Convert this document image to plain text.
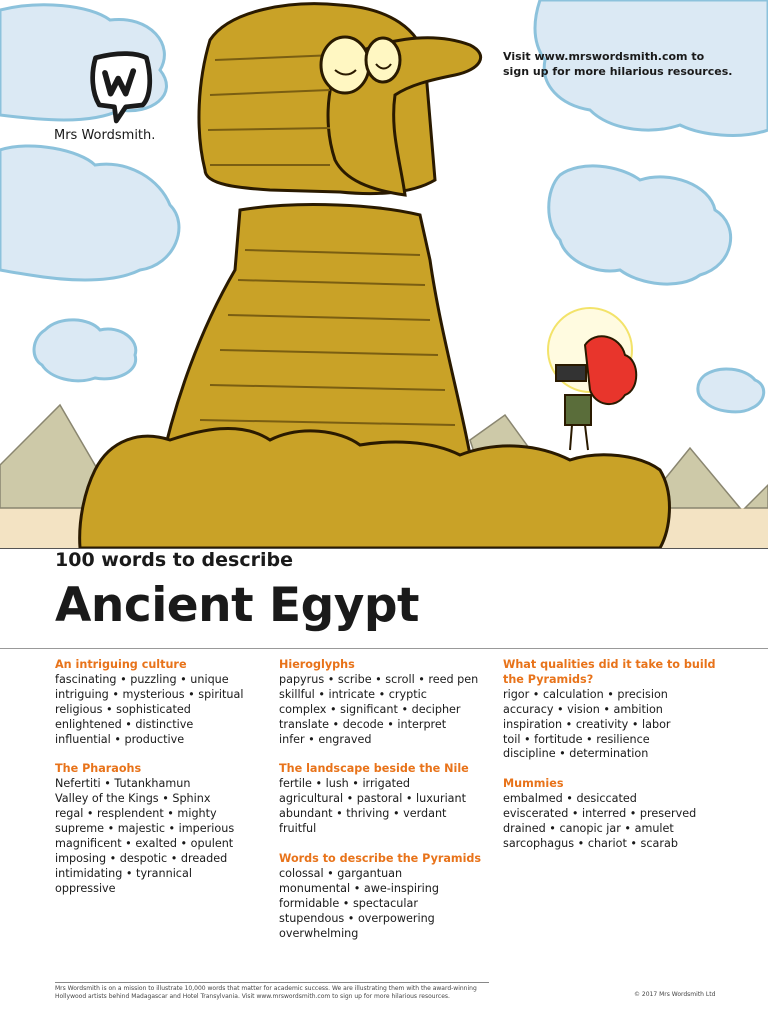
Mrs Wordsmith.
Visit www.mrswordsmith.com to
sign up for more hilarious resources.
100 words to describe
Ancient Egypt
An intriguing culture

fascinating • puzzling • unique

intriguing • mysterious • spiritual

religious • sophisticated

enlightened • distinctive

influential • productive

The Pharaohs

Nefertiti • Tutankhamun

Valley of the Kings • Sphinx

regal • resplendent • mighty

supreme • majestic • imperious

magnificent • exalted • opulent

imposing • despotic • dreaded

intimidating • tyrannical

oppressive

Hieroglyphs

papyrus • scribe • scroll • reed pen

skillful • intricate • cryptic

complex • significant • decipher

translate • decode • interpret

infer • engraved

The landscape beside the Nile

fertile • lush • irrigated

agricultural • pastoral • luxuriant

abundant • thriving • verdant

fruitful

Words to describe the Pyramids

colossal • gargantuan

monumental • awe-inspiring

formidable • spectacular

stupendous • overpowering

overwhelming

What qualities did it take to build
the Pyramids?

rigor • calculation • precision

accuracy • vision • ambition

inspiration • creativity • labor

toil • fortitude • resilience

discipline • determination

Mummies

embalmed • desiccated

eviscerated • interred • preserved

drained • canopic jar • amulet

sarcophagus • chariot • scarab

Mrs Wordsmith is on a mission to illustrate 10,000 words that matter for academic success. We are illustrating them with the award-winning
Hollywood artists behind Madagascar and Hotel Transylvania. Visit www.mrswordsmith.com to sign up for more hilarious resources.	© 2017 Mrs Wordsmith Ltd
